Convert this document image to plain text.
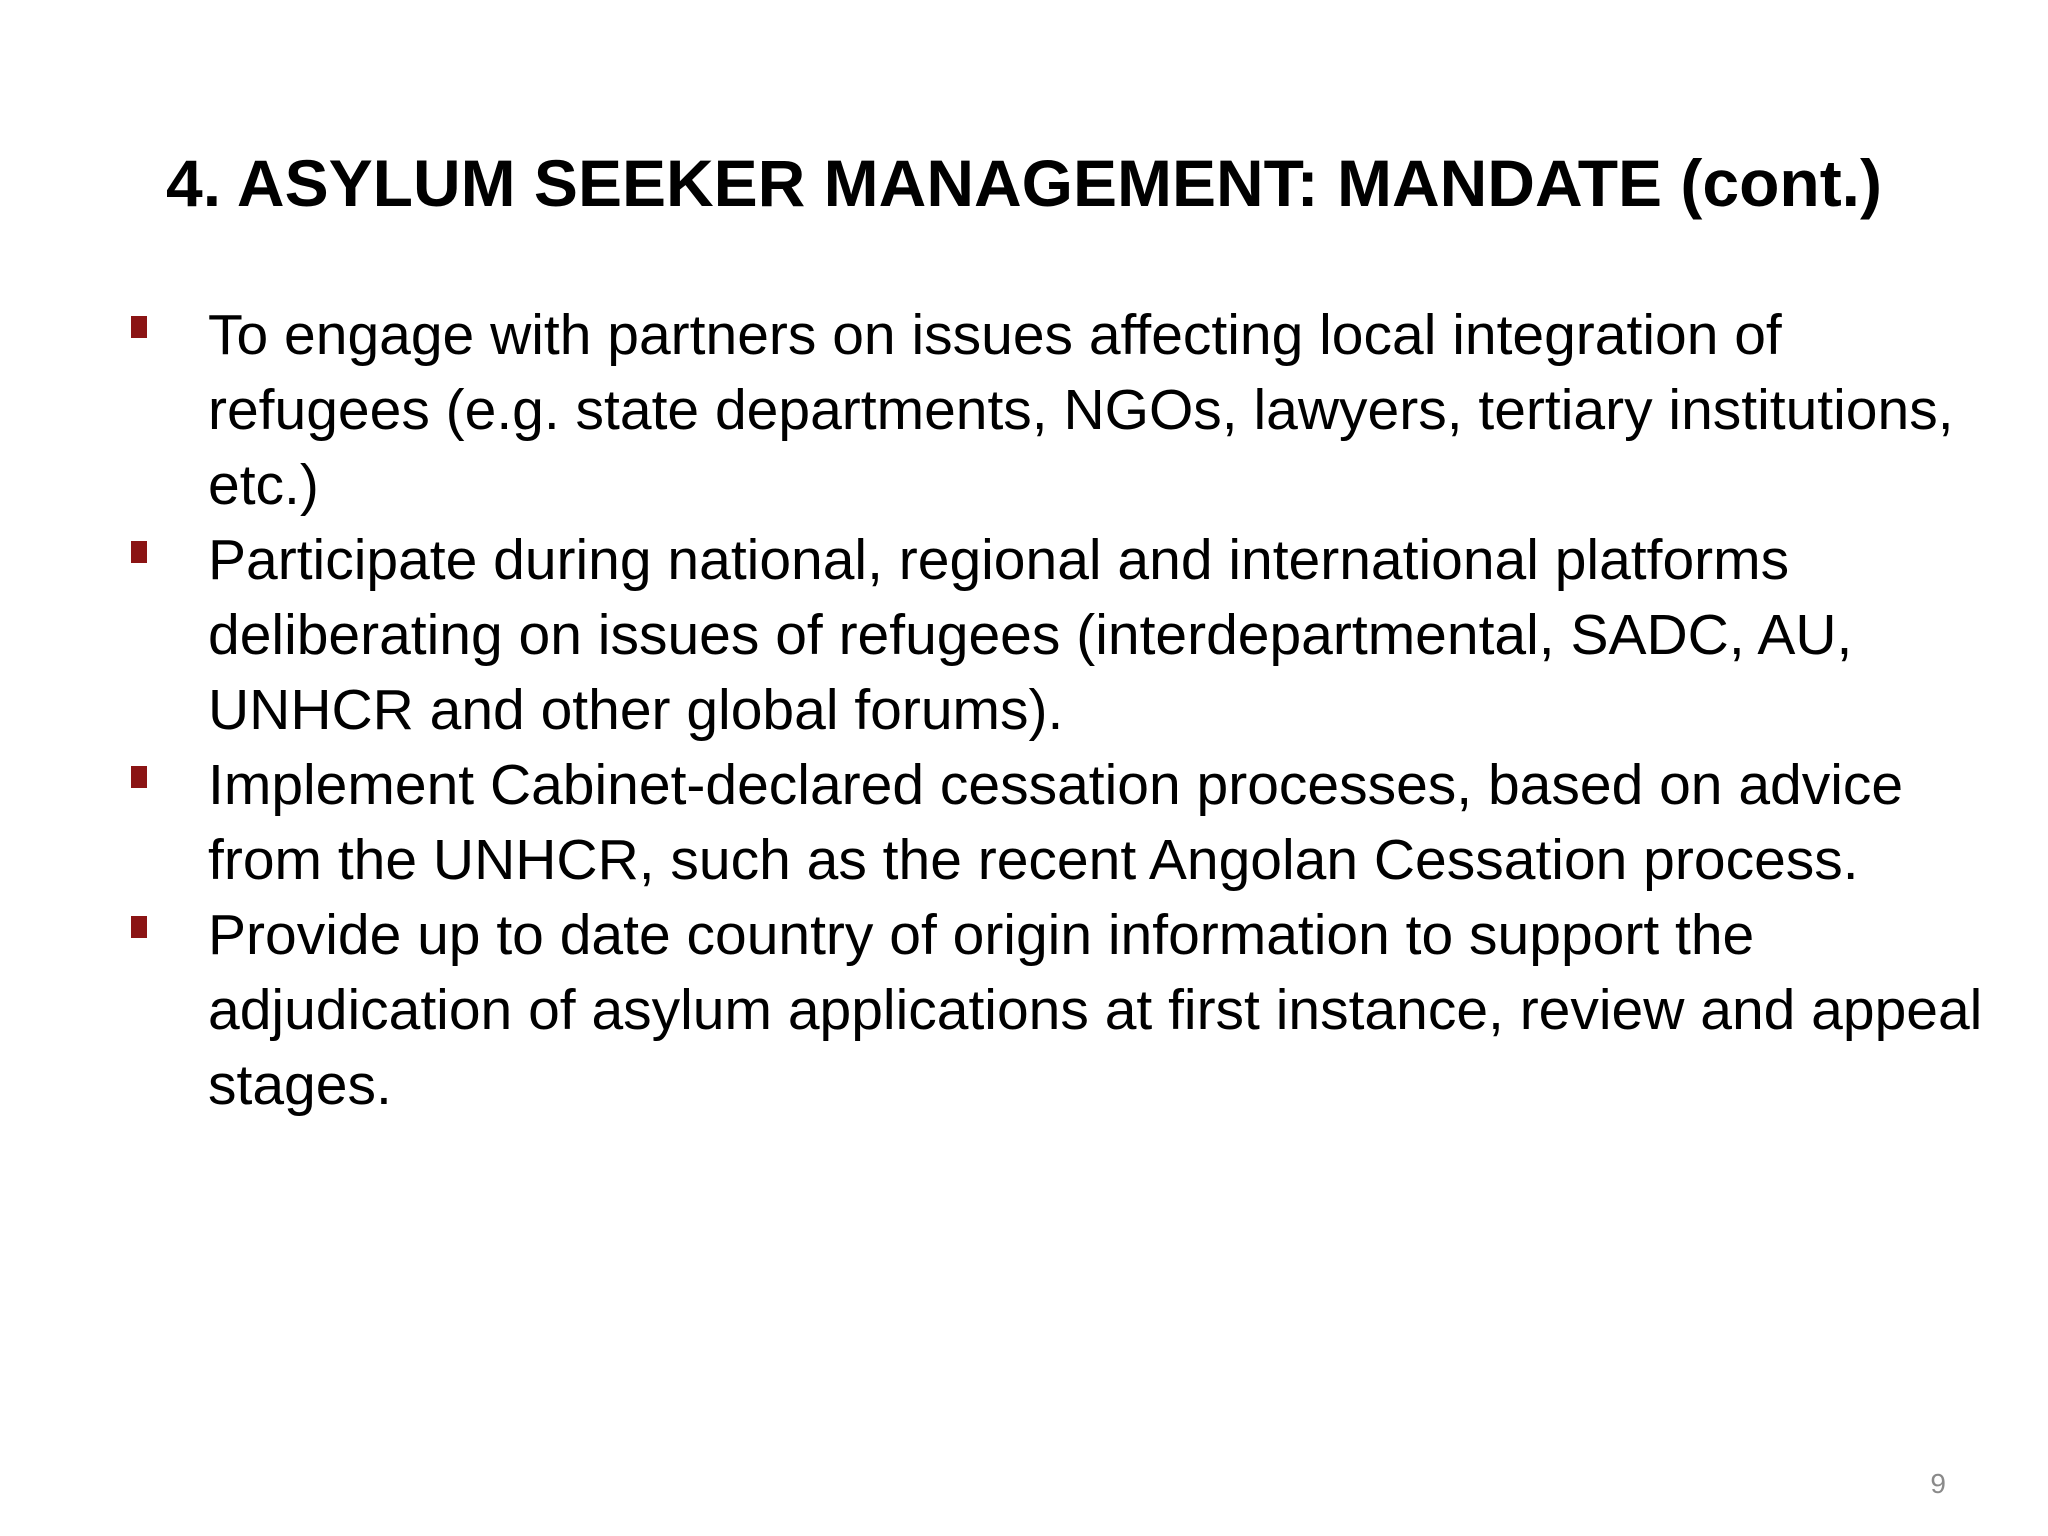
4. ASYLUM SEEKER MANAGEMENT: MANDATE (cont.)
To engage with partners on issues affecting local integration of refugees (e.g. state departments, NGOs, lawyers, tertiary institutions, etc.)
Participate during national, regional and international platforms deliberating on issues of refugees (interdepartmental, SADC, AU, UNHCR and other global forums).
Implement Cabinet-declared cessation processes, based on advice from the UNHCR, such as the recent Angolan Cessation process.
Provide up to date country of origin information to support the adjudication of asylum applications at first instance, review and appeal stages.
9
